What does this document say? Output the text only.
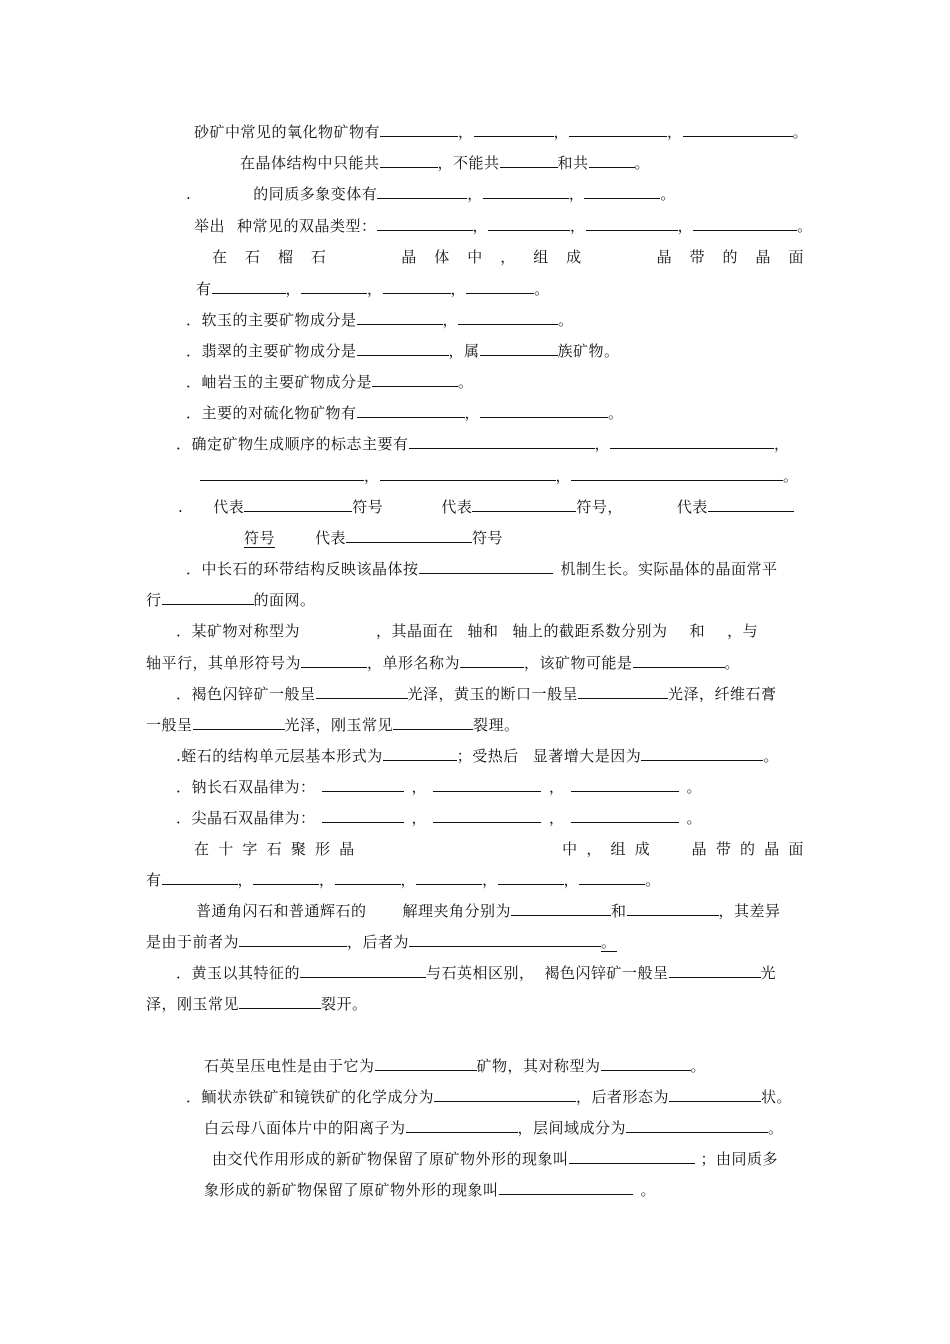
砂矿中常见的氧化物矿物有	，	，	，	。
在晶体结构中只能共	，不能共	和共	。
.	的同质多象变体有	，	，	。
举出 种常见的双晶类型：	，	，	，	。
在 石 榴 石	晶 体 中 ， 组 成	晶 带 的 晶 面
有	，	，	，	。
．软玉的主要矿物成分是	，	。
．翡翠的主要矿物成分是	，属	族矿物。
．岫岩玉的主要矿物成分是	。
．主要的对硫化物矿物有	，	。
．确定矿物生成顺序的标志主要有	，	，
，	，	。
. 代表	符号	代表	符号，	代表
符号	代表	符号
．中长石的环带结构反映该晶体按	机制生长。实际晶体的晶面常平
行	的面网。
．某矿物对称型为	，其晶面在 轴和 轴上的截距系数分别为 和 ，与
轴平行，其单形符号为	，单形名称为	，该矿物可能是	。
．褐色闪锌矿一般呈	光泽，黄玉的断口一般呈	光泽，纤维石膏
一般呈	光泽，刚玉常见	裂理。
.蛭石的结构单元层基本形式为	；受热后 显著增大是因为	。
．钠长石双晶律为：	，	，	。
．尖晶石双晶律为：	，	，	。
在 十 字 石 聚 形 晶	中 ， 组 成	晶 带 的 晶 面
有	，	，	，	，	，	。
普通角闪石和普通辉石的 解理夹角分别为	和	，其差异
是由于前者为	，后者为	。
．黄玉以其特征的	与石英相区别， 褐色闪锌矿一般呈	光
泽，刚玉常见	裂开。
石英呈压电性是由于它为	矿物，其对称型为	。
．鲕状赤铁矿和镜铁矿的化学成分为	，后者形态为	状。
白云母八面体片中的阳离子为	，层间域成分为	。
由交代作用形成的新矿物保留了原矿物外形的现象叫	；由同质多
象形成的新矿物保留了原矿物外形的现象叫	。
